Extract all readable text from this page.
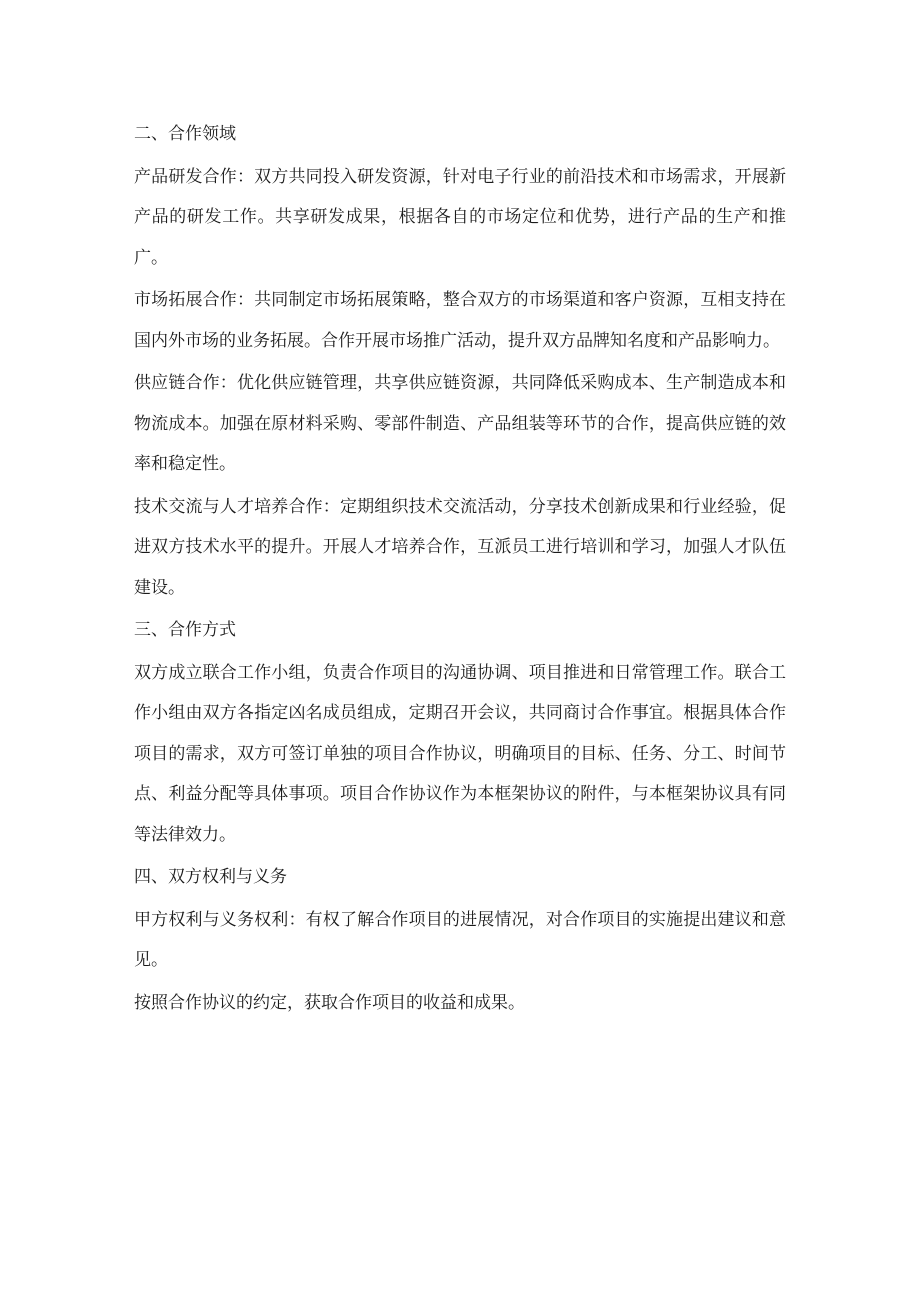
二、合作领域

产品研发合作：双方共同投入研发资源，针对电子行业的前沿技术和市场需求，开展新产品的研发工作。共享研发成果，根据各自的市场定位和优势，进行产品的生产和推广。

市场拓展合作：共同制定市场拓展策略，整合双方的市场渠道和客户资源，互相支持在国内外市场的业务拓展。合作开展市场推广活动，提升双方品牌知名度和产品影响力。

供应链合作：优化供应链管理，共享供应链资源，共同降低采购成本、生产制造成本和物流成本。加强在原材料采购、零部件制造、产品组装等环节的合作，提高供应链的效率和稳定性。

技术交流与人才培养合作：定期组织技术交流活动，分享技术创新成果和行业经验，促进双方技术水平的提升。开展人才培养合作，互派员工进行培训和学习，加强人才队伍建设。

三、合作方式

双方成立联合工作小组，负责合作项目的沟通协调、项目推进和日常管理工作。联合工作小组由双方各指定凶名成员组成，定期召开会议，共同商讨合作事宜。根据具体合作项目的需求，双方可签订单独的项目合作协议，明确项目的目标、任务、分工、时间节点、利益分配等具体事项。项目合作协议作为本框架协议的附件，与本框架协议具有同等法律效力。

四、双方权利与义务

甲方权利与义务权利：有权了解合作项目的进展情况，对合作项目的实施提出建议和意见。

按照合作协议的约定，获取合作项目的收益和成果。
